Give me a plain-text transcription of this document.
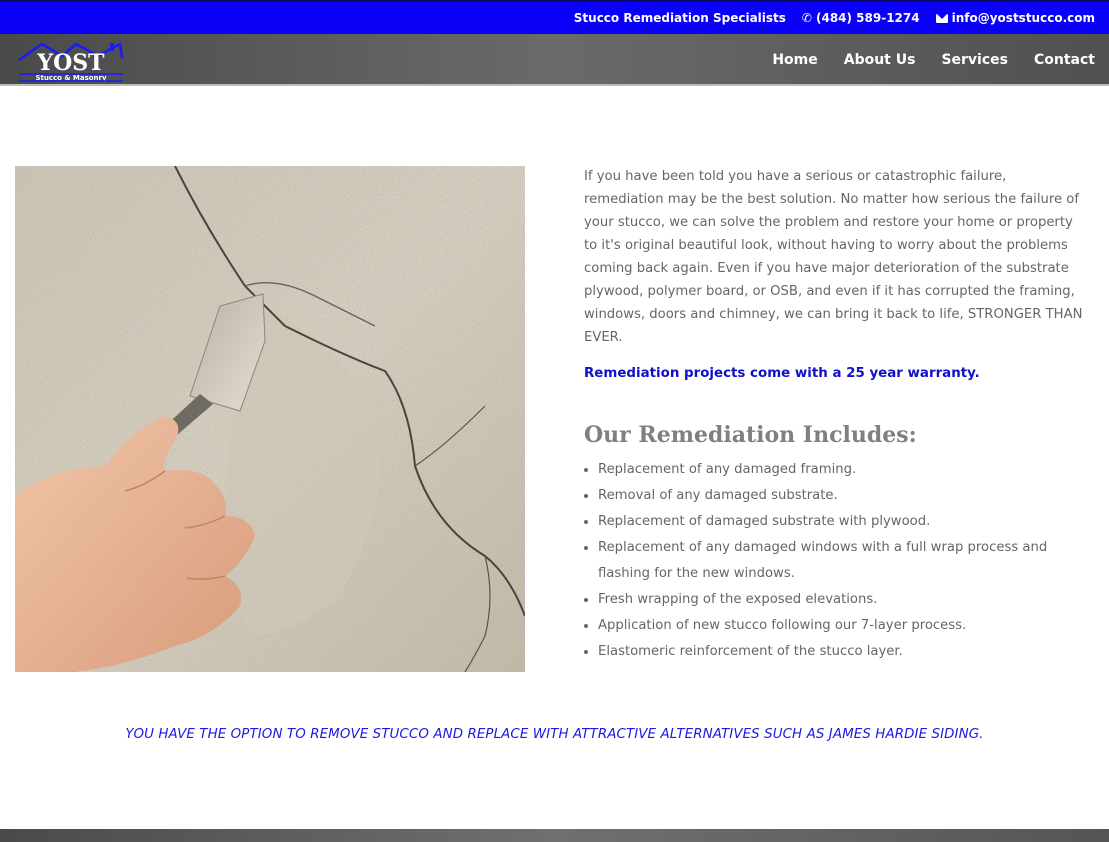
Stucco Remediation Specialists ✆ (484) 589-1274	info@yoststucco.com
YOST
Stucco & Masonry
Home About Us Services Contact

If you have been told you have a serious or catastrophic failure, remediation may be the best solution. No matter how serious the failure of your stucco, we can solve the problem and restore your home or property to it's original beautiful look, without having to worry about the problems coming back again. Even if you have major deterioration of the substrate plywood, polymer board, or OSB, and even if it has corrupted the framing, windows, doors and chimney, we can bring it back to life, STRONGER THAN EVER.

Remediation projects come with a 25 year warranty.

Our Remediation Includes:
Replacement of any damaged framing.
Removal of any damaged substrate.
Replacement of damaged substrate with plywood.
Replacement of any damaged windows with a full wrap process and flashing for the new windows.
Fresh wrapping of the exposed elevations.
Application of new stucco following our 7-layer process.
Elastomeric reinforcement of the stucco layer.

YOU HAVE THE OPTION TO REMOVE STUCCO AND REPLACE WITH ATTRACTIVE ALTERNATIVES SUCH AS JAMES HARDIE SIDING.
